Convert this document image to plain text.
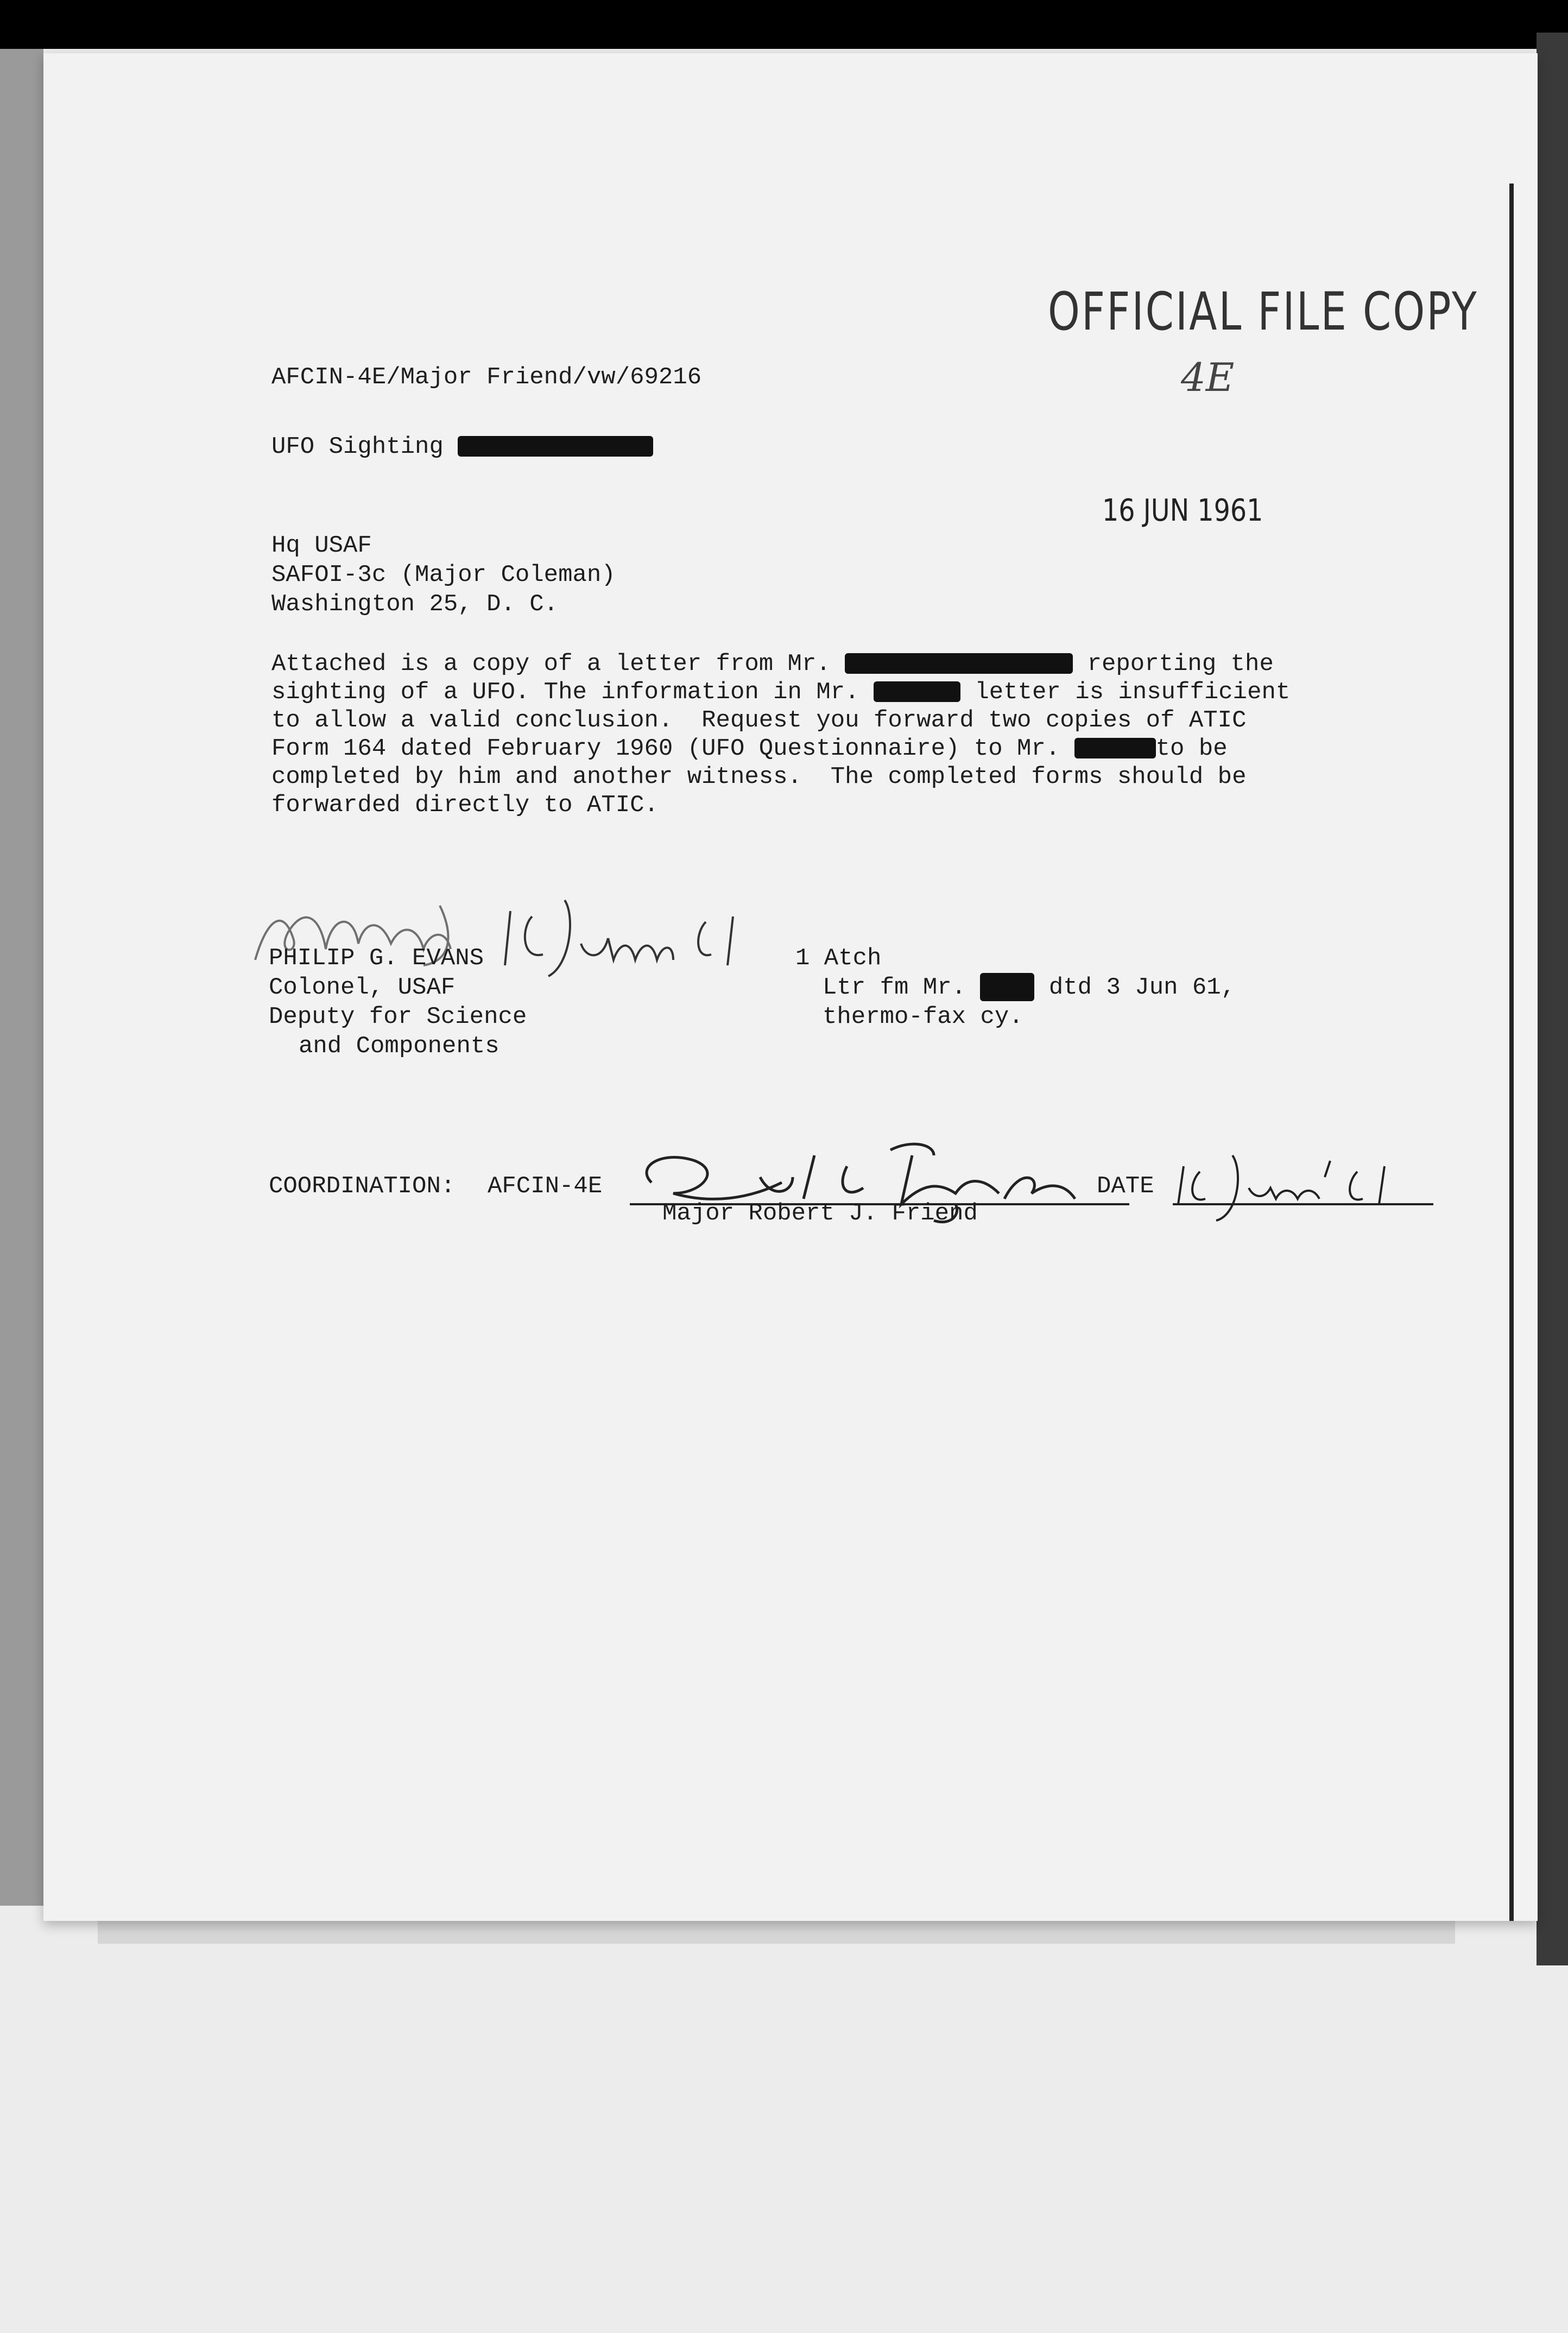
OFFICIAL FILE COPY
4E
AFCIN-4E/Major Friend/vw/69216
UFO Sighting
16 JUN 1961
Hq USAF
SAFOI-3c (Major Coleman)
Washington 25, D. C.
Attached is a copy of a letter from Mr.	reporting the
sighting of a UFO. The information in Mr.	letter is insufficient
to allow a valid conclusion.  Request you forward two copies of ATIC
Form 164 dated February 1960 (UFO Questionnaire) to Mr.	to be
completed by him and another witness.  The completed forms should be
forwarded directly to ATIC.
PHILIP G. EVANS
Colonel, USAF
Deputy for Science
and Components
1 Atch
Ltr fm Mr.	dtd 3 Jun 61,
thermo-fax cy.
COORDINATION: AFCIN-4E
Major Robert J. Friend
DATE
